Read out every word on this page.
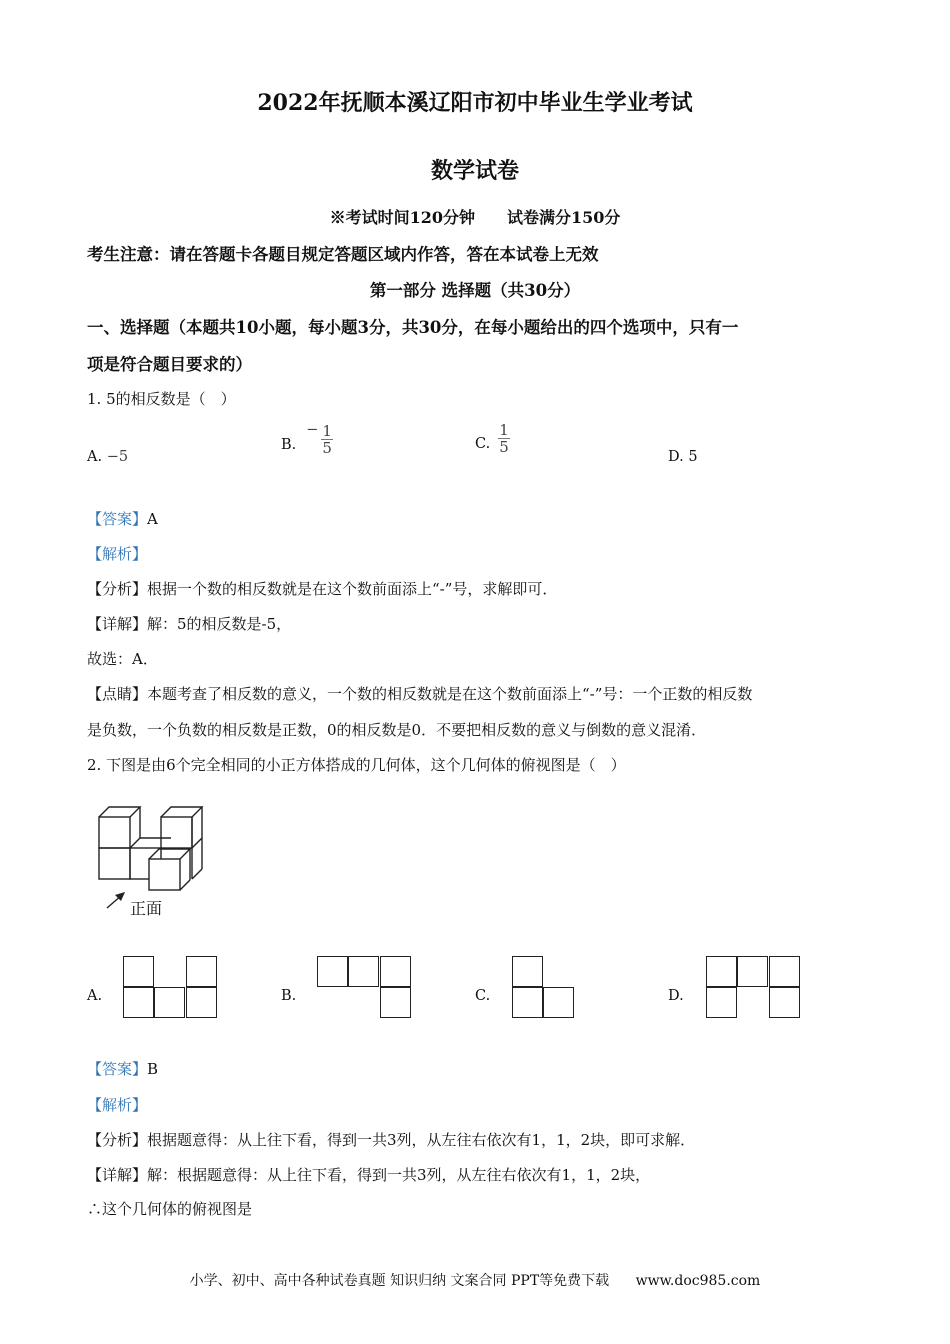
2022年抚顺本溪辽阳市初中毕业生学业考试
数学试卷
※考试时间120分钟　　试卷满分150分
考生注意：请在答题卡各题目规定答题区域内作答，答在本试卷上无效
第一部分 选择题（共30分）
一、选择题（本题共10小题，每小题3分，共30分，在每小题给出的四个选项中，只有一
项是符合题目要求的）
1. 5的相反数是（　）
A. −5
B.
− $\frac{1}{5}$	C. $\frac{1}{5}$
D. 5
【答案】A
【解析】
【分析】根据一个数的相反数就是在这个数前面添上“-”号，求解即可．
【详解】解：5的相反数是-5，
故选：A．
【点睛】本题考查了相反数的意义，一个数的相反数就是在这个数前面添上“-”号：一个正数的相反数
是负数，一个负数的相反数是正数，0的相反数是0．不要把相反数的意义与倒数的意义混淆．
2. 下图是由6个完全相同的小正方体搭成的几何体，这个几何体的俯视图是（　）
正面
A.	B.	C.	D.
【答案】B
【解析】
【分析】根据题意得：从上往下看，得到一共3列，从左往右依次有1，1，2块，即可求解．
【详解】解：根据题意得：从上往下看，得到一共3列，从左往右依次有1，1，2块，
∴这个几何体的俯视图是
小学、初中、高中各种试卷真题 知识归纳 文案合同 PPT等免费下载 www.doc985.com
